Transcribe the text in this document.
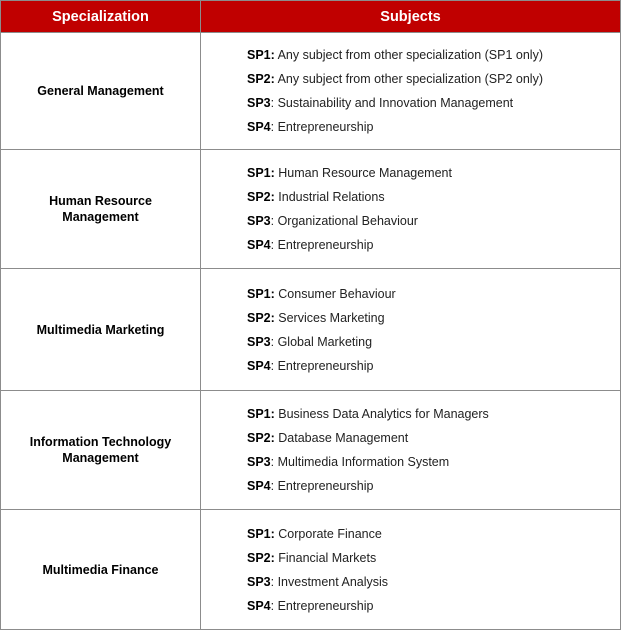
Specialization	Subjects
General Management	SP1: Any subject from other specialization (SP1 only)
SP2: Any subject from other specialization (SP2 only)
SP3: Sustainability and Innovation Management
SP4: Entrepreneurship

Human Resource Management	SP1: Human Resource Management
SP2: Industrial Relations
SP3: Organizational Behaviour
SP4: Entrepreneurship

Multimedia Marketing	SP1: Consumer Behaviour
SP2: Services Marketing
SP3: Global Marketing
SP4: Entrepreneurship

Information Technology Management	SP1: Business Data Analytics for Managers
SP2: Database Management
SP3: Multimedia Information System
SP4: Entrepreneurship

Multimedia Finance	SP1: Corporate Finance
SP2: Financial Markets
SP3: Investment Analysis
SP4: Entrepreneurship
